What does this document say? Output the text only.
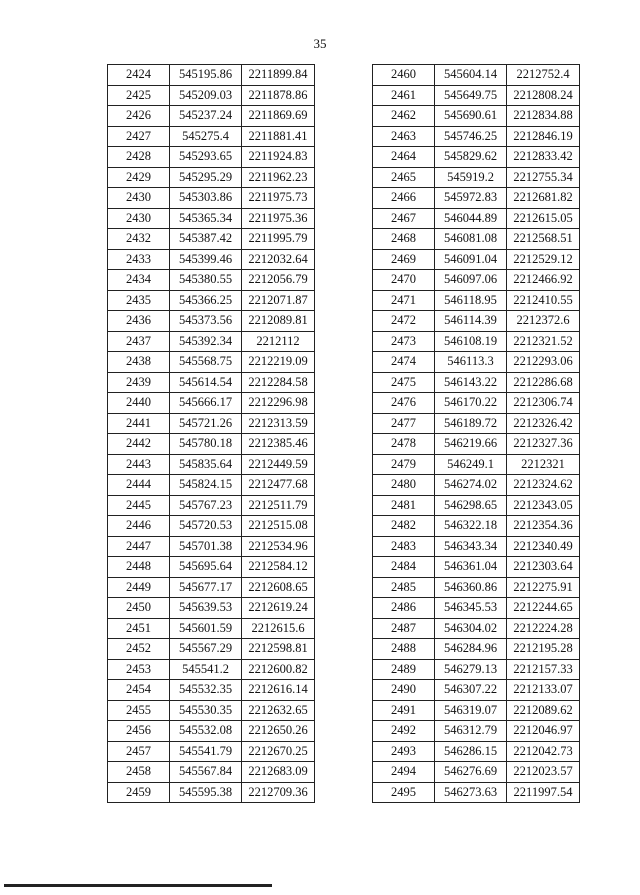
35
2424	545195.86	2211899.84
2425	545209.03	2211878.86
2426	545237.24	2211869.69
2427	545275.4	2211881.41
2428	545293.65	2211924.83
2429	545295.29	2211962.23
2430	545303.86	2211975.73
2430	545365.34	2211975.36
2432	545387.42	2211995.79
2433	545399.46	2212032.64
2434	545380.55	2212056.79
2435	545366.25	2212071.87
2436	545373.56	2212089.81
2437	545392.34	2212112
2438	545568.75	2212219.09
2439	545614.54	2212284.58
2440	545666.17	2212296.98
2441	545721.26	2212313.59
2442	545780.18	2212385.46
2443	545835.64	2212449.59
2444	545824.15	2212477.68
2445	545767.23	2212511.79
2446	545720.53	2212515.08
2447	545701.38	2212534.96
2448	545695.64	2212584.12
2449	545677.17	2212608.65
2450	545639.53	2212619.24
2451	545601.59	2212615.6
2452	545567.29	2212598.81
2453	545541.2	2212600.82
2454	545532.35	2212616.14
2455	545530.35	2212632.65
2456	545532.08	2212650.26
2457	545541.79	2212670.25
2458	545567.84	2212683.09
2459	545595.38	2212709.36
2460	545604.14	2212752.4
2461	545649.75	2212808.24
2462	545690.61	2212834.88
2463	545746.25	2212846.19
2464	545829.62	2212833.42
2465	545919.2	2212755.34
2466	545972.83	2212681.82
2467	546044.89	2212615.05
2468	546081.08	2212568.51
2469	546091.04	2212529.12
2470	546097.06	2212466.92
2471	546118.95	2212410.55
2472	546114.39	2212372.6
2473	546108.19	2212321.52
2474	546113.3	2212293.06
2475	546143.22	2212286.68
2476	546170.22	2212306.74
2477	546189.72	2212326.42
2478	546219.66	2212327.36
2479	546249.1	2212321
2480	546274.02	2212324.62
2481	546298.65	2212343.05
2482	546322.18	2212354.36
2483	546343.34	2212340.49
2484	546361.04	2212303.64
2485	546360.86	2212275.91
2486	546345.53	2212244.65
2487	546304.02	2212224.28
2488	546284.96	2212195.28
2489	546279.13	2212157.33
2490	546307.22	2212133.07
2491	546319.07	2212089.62
2492	546312.79	2212046.97
2493	546286.15	2212042.73
2494	546276.69	2212023.57
2495	546273.63	2211997.54
